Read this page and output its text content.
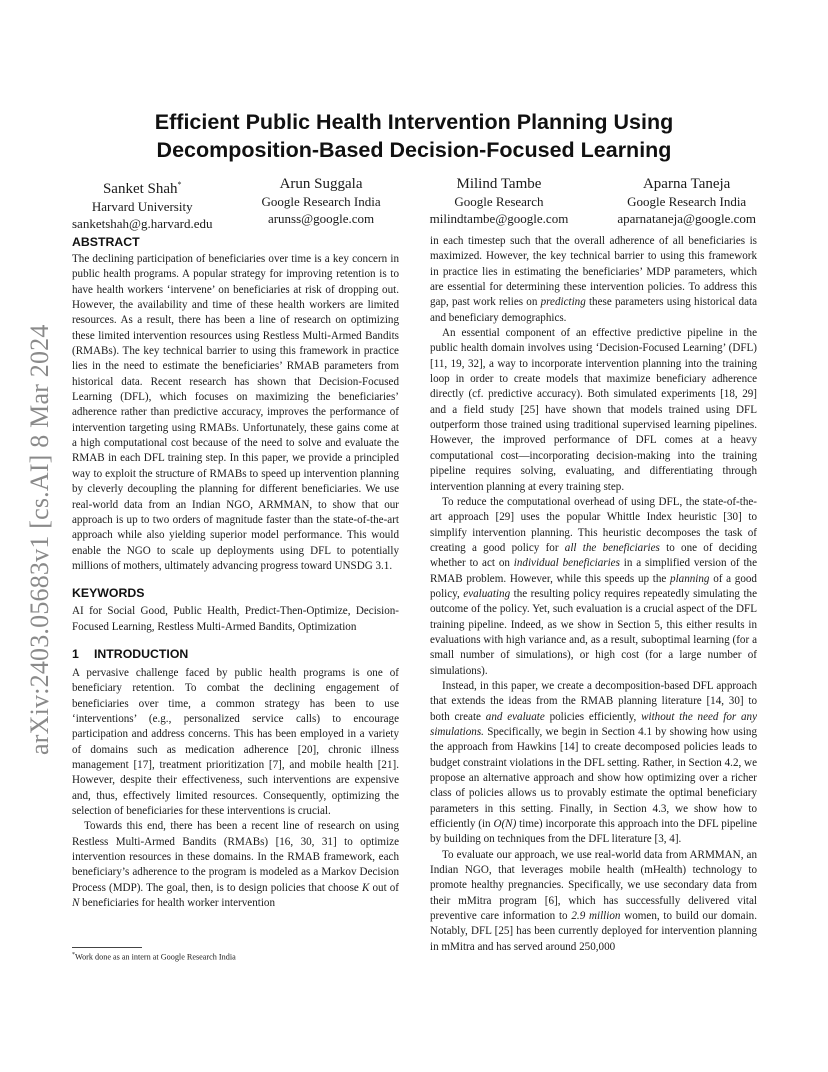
arXiv:2403.05683v1 [cs.AI] 8 Mar 2024
Efficient Public Health Intervention Planning Using
Decomposition-Based Decision-Focused Learning
Sanket Shah*
Harvard University
sanketshah@g.harvard.edu
Arun Suggala
Google Research India
arunss@google.com
Milind Tambe
Google Research
milindtambe@google.com
Aparna Taneja
Google Research India
aparnataneja@google.com
ABSTRACT

The declining participation of beneficiaries over time is a key concern in public health programs. A popular strategy for improving retention is to have health workers ‘intervene’ on beneficiaries at risk of dropping out. However, the availability and time of these health workers are limited resources. As a result, there has been a line of research on optimizing these limited intervention resources using Restless Multi-Armed Bandits (RMABs). The key technical barrier to using this framework in practice lies in the need to estimate the beneficiaries’ RMAB parameters from historical data. Recent research has shown that Decision-Focused Learning (DFL), which focuses on maximizing the beneficiaries’ adherence rather than predictive accuracy, improves the performance of intervention targeting using RMABs. Unfortunately, these gains come at a high computational cost because of the need to solve and evaluate the RMAB in each DFL training step. In this paper, we provide a principled way to exploit the structure of RMABs to speed up intervention planning by cleverly decoupling the planning for different beneficiaries. We use real-world data from an Indian NGO, ARMMAN, to show that our approach is up to two orders of magnitude faster than the state-of-the-art approach while also yielding superior model performance. This would enable the NGO to scale up deployments using DFL to potentially millions of mothers, ultimately advancing progress toward UNSDG 3.1.

KEYWORDS

AI for Social Good, Public Health, Predict-Then-Optimize, Decision-Focused Learning, Restless Multi-Armed Bandits, Optimization

1 INTRODUCTION

A pervasive challenge faced by public health programs is one of beneficiary retention. To combat the declining engagement of beneficiaries over time, a common strategy has been to use ‘interventions’ (e.g., personalized service calls) to encourage participation and address concerns. This has been employed in a variety of domains such as medication adherence [20], chronic illness management [17], treatment prioritization [7], and mobile health [21]. However, despite their effectiveness, such interventions are expensive and, thus, effectively limited resources. Consequently, optimizing the selection of beneficiaries for these interventions is crucial.

Towards this end, there has been a recent line of research on using Restless Multi-Armed Bandits (RMABs) [16, 30, 31] to optimize intervention resources in these domains. In the RMAB framework, each beneficiary’s adherence to the program is modeled as a Markov Decision Process (MDP). The goal, then, is to design policies that choose K out of N beneficiaries for health worker intervention

in each timestep such that the overall adherence of all beneficiaries is maximized. However, the key technical barrier to using this framework in practice lies in estimating the beneficiaries’ MDP parameters, which are essential for determining these intervention policies. To address this gap, past work relies on predicting these parameters using historical data and beneficiary demographics.

An essential component of an effective predictive pipeline in the public health domain involves using ‘Decision-Focused Learning’ (DFL) [11, 19, 32], a way to incorporate intervention planning into the training loop in order to create models that maximize beneficiary adherence directly (cf. predictive accuracy). Both simulated experiments [18, 29] and a field study [25] have shown that models trained using DFL outperform those trained using traditional supervised learning pipelines. However, the improved performance of DFL comes at a heavy computational cost—incorporating decision-making into the training pipeline requires solving, evaluating, and differentiating through intervention planning at every training step.

To reduce the computational overhead of using DFL, the state-of-the-art approach [29] uses the popular Whittle Index heuristic [30] to simplify intervention planning. This heuristic decomposes the task of creating a good policy for all the beneficiaries to one of deciding whether to act on individual beneficiaries in a simplified version of the RMAB problem. However, while this speeds up the planning of a good policy, evaluating the resulting policy requires repeatedly simulating the outcome of the policy. Yet, such evaluation is a crucial aspect of the DFL training pipeline. Indeed, as we show in Section 5, this either results in evaluations with high variance and, as a result, suboptimal learning (for a small number of simulations), or high cost (for a large number of simulations).

Instead, in this paper, we create a decomposition-based DFL approach that extends the ideas from the RMAB planning literature [14, 30] to both create and evaluate policies efficiently, without the need for any simulations. Specifically, we begin in Section 4.1 by showing how using the approach from Hawkins [14] to create decomposed policies leads to budget constraint violations in the DFL setting. Rather, in Section 4.2, we propose an alternative approach and show how optimizing over a richer class of policies allows us to provably estimate the optimal beneficiary parameters in this setting. Finally, in Section 4.3, we show how to efficiently (in O(N) time) incorporate this approach into the DFL pipeline by building on techniques from the DFL literature [3, 4].

To evaluate our approach, we use real-world data from ARMMAN, an Indian NGO, that leverages mobile health (mHealth) technology to promote healthy pregnancies. Specifically, we use secondary data from their mMitra program [6], which has successfully delivered vital preventive care information to 2.9 million women, to build our domain. Notably, DFL [25] has been currently deployed for intervention planning in mMitra and has served around 250,000

*Work done as an intern at Google Research India
